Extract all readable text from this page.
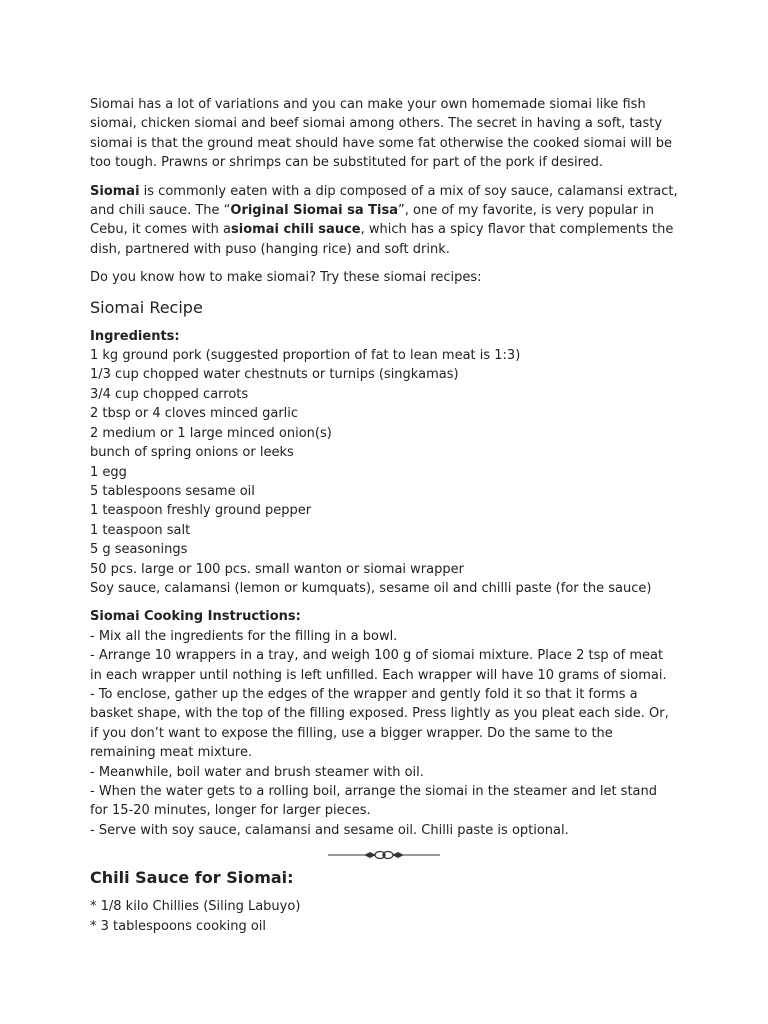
Siomai has a lot of variations and you can make your own homemade siomai like fish siomai, chicken siomai and beef siomai among others. The secret in having a soft, tasty siomai is that the ground meat should have some fat otherwise the cooked siomai will be too tough. Prawns or shrimps can be substituted for part of the pork if desired.

Siomai is commonly eaten with a dip composed of a mix of soy sauce, calamansi extract, and chili sauce. The “Original Siomai sa Tisa”, one of my favorite, is very popular in Cebu, it comes with asiomai chili sauce, which has a spicy flavor that complements the dish, partnered with puso (hanging rice) and soft drink.

Do you know how to make siomai? Try these siomai recipes:

Siomai Recipe
Ingredients:
1 kg ground pork (suggested proportion of fat to lean meat is 1:3)
1/3 cup chopped water chestnuts or turnips (singkamas)
3/4 cup chopped carrots
2 tbsp or 4 cloves minced garlic
2 medium or 1 large minced onion(s)
bunch of spring onions or leeks
1 egg
5 tablespoons sesame oil
1 teaspoon freshly ground pepper
1 teaspoon salt
5 g seasonings
50 pcs. large or 100 pcs. small wanton or siomai wrapper
Soy sauce, calamansi (lemon or kumquats), sesame oil and chilli paste (for the sauce)
Siomai Cooking Instructions:
- Mix all the ingredients for the filling in a bowl.
- Arrange 10 wrappers in a tray, and weigh 100 g of siomai mixture. Place 2 tsp of meat
in each wrapper until nothing is left unfilled. Each wrapper will have 10 grams of siomai.
- To enclose, gather up the edges of the wrapper and gently fold it so that it forms a
basket shape, with the top of the filling exposed. Press lightly as you pleat each side. Or,
if you don’t want to expose the filling, use a bigger wrapper. Do the same to the
remaining meat mixture.
- Meanwhile, boil water and brush steamer with oil.
- When the water gets to a rolling boil, arrange the siomai in the steamer and let stand
for 15-20 minutes, longer for larger pieces.
- Serve with soy sauce, calamansi and sesame oil. Chilli paste is optional.
Chili Sauce for Siomai:
* 1/8 kilo Chillies (Siling Labuyo)
* 3 tablespoons cooking oil
